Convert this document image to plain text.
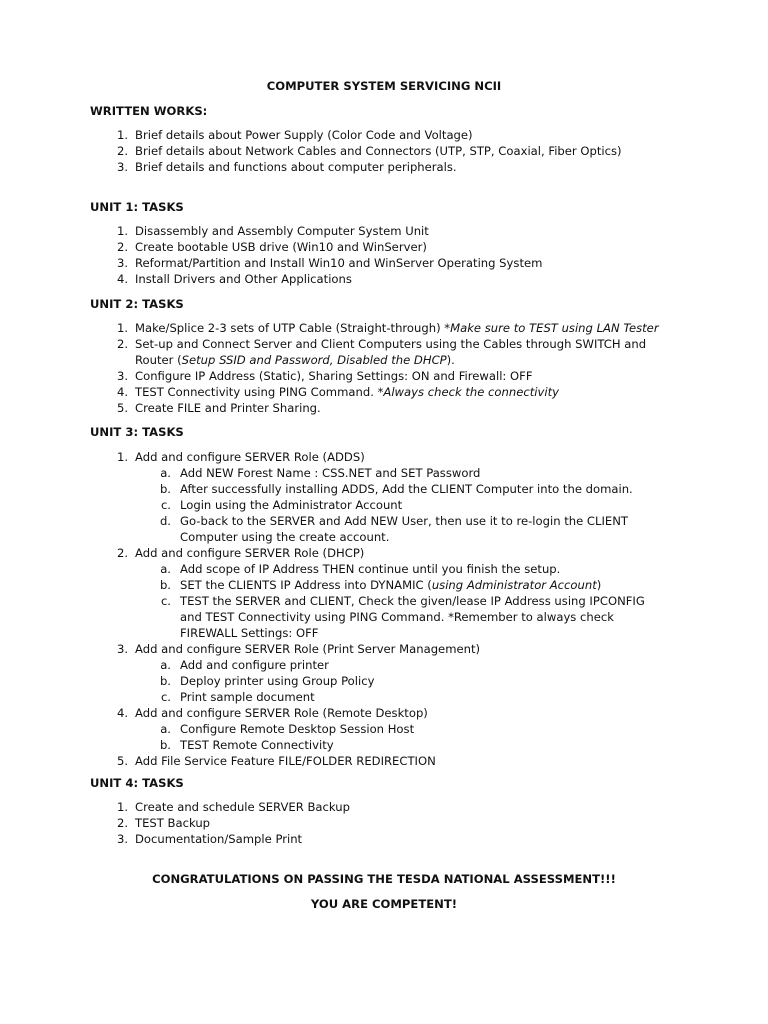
COMPUTER SYSTEM SERVICING NCII
WRITTEN WORKS:
1. Brief details about Power Supply (Color Code and Voltage)
2. Brief details about Network Cables and Connectors (UTP, STP, Coaxial, Fiber Optics)
3. Brief details and functions about computer peripherals.
UNIT 1: TASKS
1. Disassembly and Assembly Computer System Unit
2. Create bootable USB drive (Win10 and WinServer)
3. Reformat/Partition and Install Win10 and WinServer Operating System
4. Install Drivers and Other Applications
UNIT 2: TASKS
1. Make/Splice 2-3 sets of UTP Cable (Straight-through) *Make sure to TEST using LAN Tester
2. Set-up and Connect Server and Client Computers using the Cables through SWITCH and Router (Setup SSID and Password, Disabled the DHCP).
3. Configure IP Address (Static), Sharing Settings: ON and Firewall: OFF
4. TEST Connectivity using PING Command. *Always check the connectivity
5. Create FILE and Printer Sharing.
UNIT 3: TASKS
1. Add and configure SERVER Role (ADDS)
a. Add NEW Forest Name : CSS.NET and SET Password
b. After successfully installing ADDS, Add the CLIENT Computer into the domain.
c. Login using the Administrator Account
d. Go-back to the SERVER and Add NEW User, then use it to re-login the CLIENT Computer using the create account.
2. Add and configure SERVER Role (DHCP)
a. Add scope of IP Address THEN continue until you finish the setup.
b. SET the CLIENTS IP Address into DYNAMIC (using Administrator Account)
c. TEST the SERVER and CLIENT, Check the given/lease IP Address using IPCONFIG and TEST Connectivity using PING Command. *Remember to always check FIREWALL Settings: OFF
3. Add and configure SERVER Role (Print Server Management)
a. Add and configure printer
b. Deploy printer using Group Policy
c. Print sample document
4. Add and configure SERVER Role (Remote Desktop)
a. Configure Remote Desktop Session Host
b. TEST Remote Connectivity
5. Add File Service Feature FILE/FOLDER REDIRECTION
UNIT 4: TASKS
1. Create and schedule SERVER Backup
2. TEST Backup
3. Documentation/Sample Print
CONGRATULATIONS ON PASSING THE TESDA NATIONAL ASSESSMENT!!!
YOU ARE COMPETENT!
